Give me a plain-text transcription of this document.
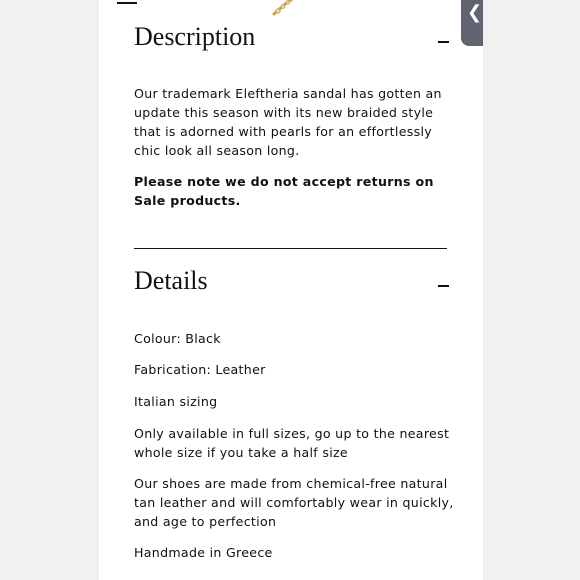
Description

Our trademark Eleftheria sandal has gotten an update this season with its new braided style that is adorned with pearls for an effortlessly chic look all season long.

Please note we do not accept returns on Sale products.

Details

Colour: Black

Fabrication: Leather

Italian sizing

Only available in full sizes, go up to the nearest whole size if you take a half size

Our shoes are made from chemical-free natural tan leather and will comfortably wear in quickly, and age to perfection

Handmade in Greece

❮
